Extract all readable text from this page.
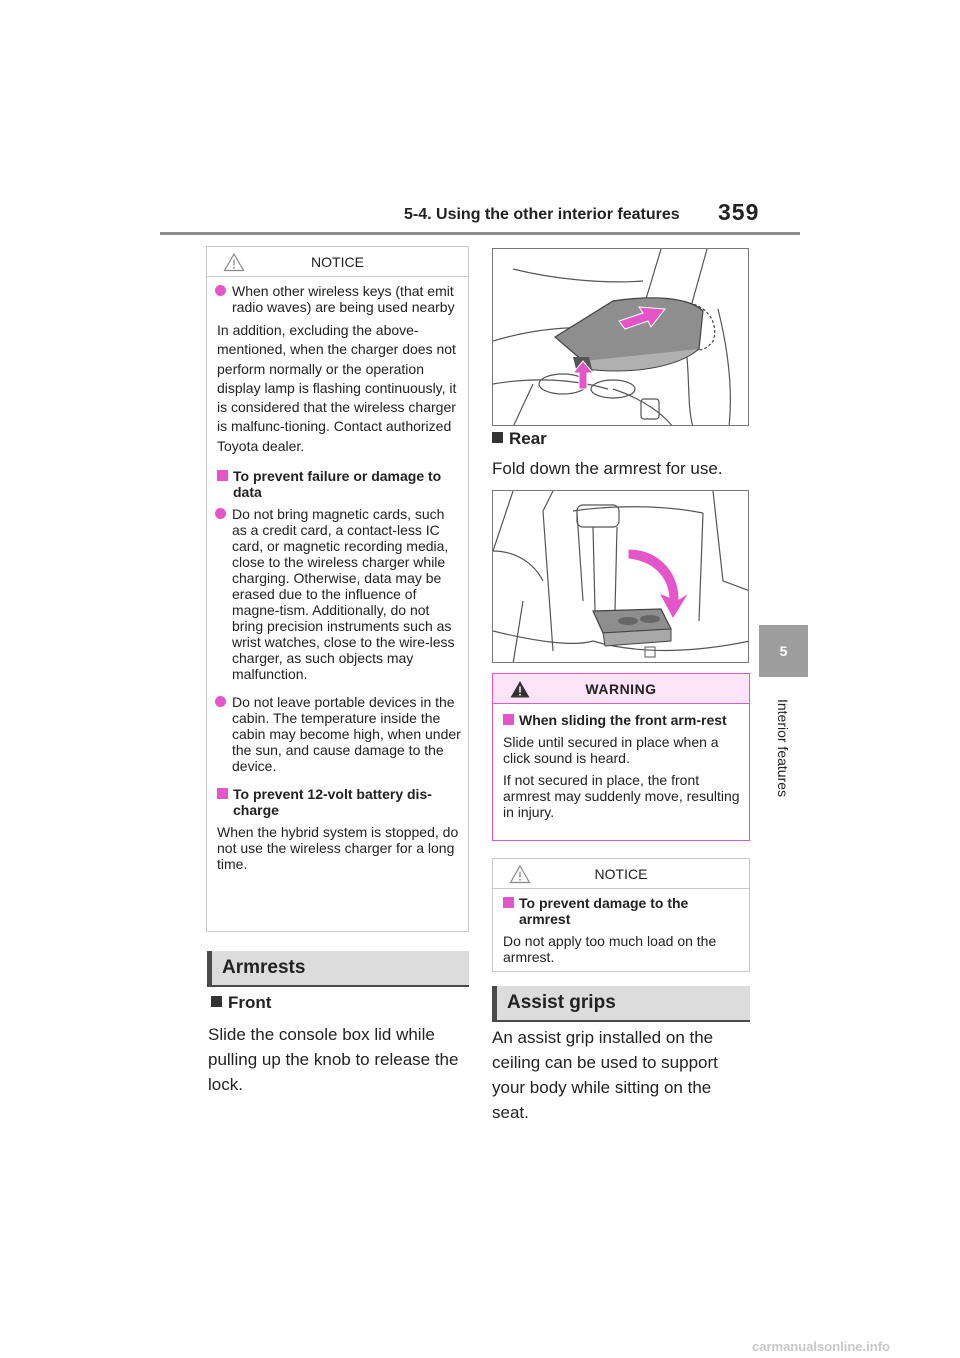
5-4. Using the other interior features 359
5
Interior features
NOTICE
When other wireless keys (that emit radio waves) are being used nearby
In addition, excluding the above-mentioned, when the charger does not perform normally or the operation display lamp is flashing continuously, it is considered that the wireless charger is malfunc-tioning. Contact authorized Toyota dealer.
To prevent failure or damage to data
Do not bring magnetic cards, such as a credit card, a contact-less IC card, or magnetic recording media, close to the wireless charger while charging. Otherwise, data may be erased due to the influence of magne-tism. Additionally, do not bring precision instruments such as wrist watches, close to the wire-less charger, as such objects may malfunction.
Do not leave portable devices in the cabin. The temperature inside the cabin may become high, when under the sun, and cause damage to the device.
To prevent 12-volt battery dis-charge
When the hybrid system is stopped, do not use the wireless charger for a long time.
Armrests
Front
Slide the console box lid while pulling up the knob to release the lock.
Rear
Fold down the armrest for use.
WARNING
When sliding the front arm-rest
Slide until secured in place when a click sound is heard.
If not secured in place, the front armrest may suddenly move, resulting in injury.
NOTICE
To prevent damage to the armrest
Do not apply too much load on the armrest.
Assist grips
An assist grip installed on the ceiling can be used to support your body while sitting on the seat.
carmanualsonline.info
